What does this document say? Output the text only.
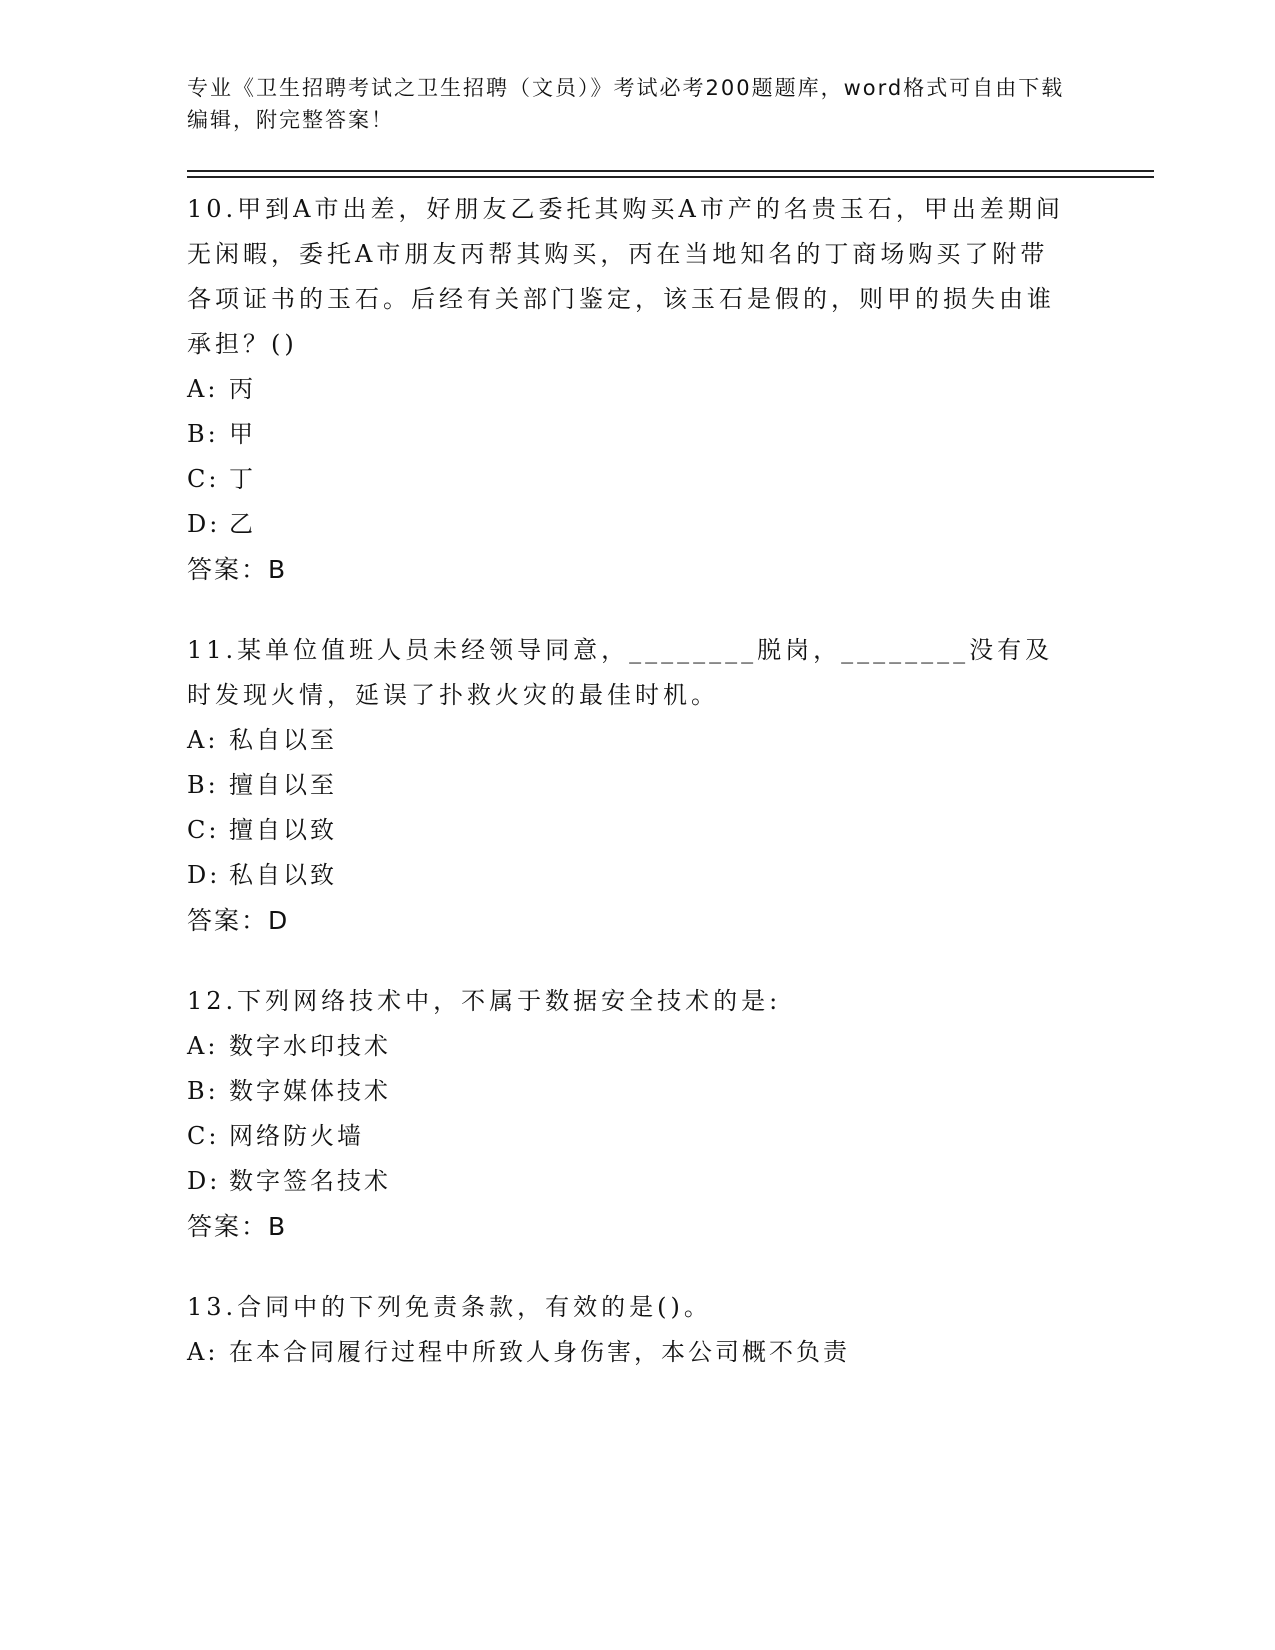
专业《卫生招聘考试之卫生招聘（文员）》考试必考200题题库，word格式可自由下载编辑，附完整答案！

10.甲到A市出差，好朋友乙委托其购买A市产的名贵玉石，甲出差期间无闲暇，委托A市朋友丙帮其购买，丙在当地知名的丁商场购买了附带各项证书的玉石。后经有关部门鉴定，该玉石是假的，则甲的损失由谁承担？()

A: 丙

B: 甲

C: 丁

D: 乙

答案：B

11.某单位值班人员未经领导同意，________脱岗，________没有及时发现火情，延误了扑救火灾的最佳时机。

A: 私自以至

B: 擅自以至

C: 擅自以致

D: 私自以致

答案：D

12.下列网络技术中，不属于数据安全技术的是:

A: 数字水印技术

B: 数字媒体技术

C: 网络防火墙

D: 数字签名技术

答案：B

13.合同中的下列免责条款，有效的是()。

A: 在本合同履行过程中所致人身伤害，本公司概不负责
